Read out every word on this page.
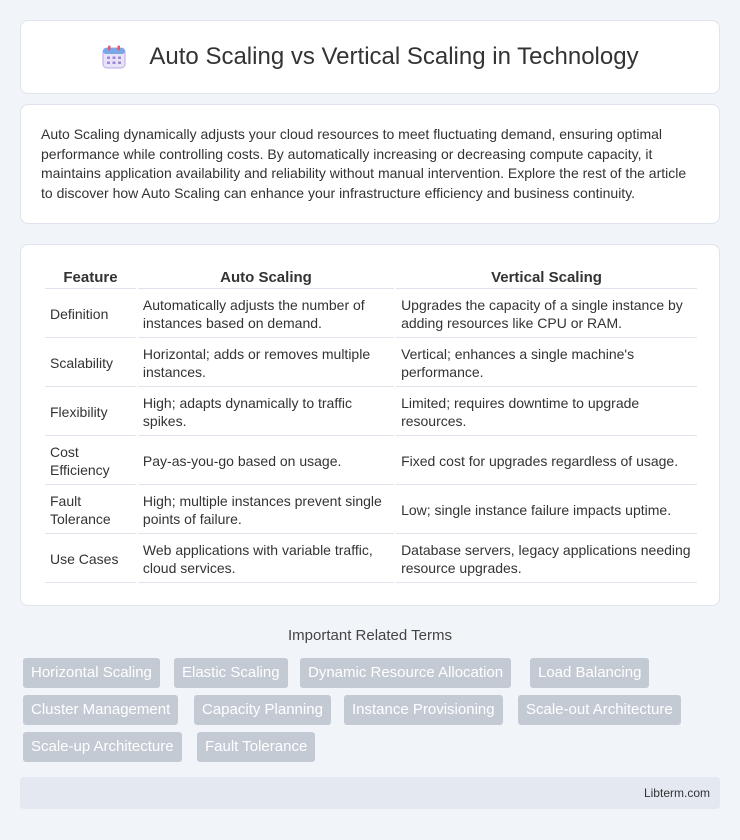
Auto Scaling vs Vertical Scaling in Technology

Auto Scaling dynamically adjusts your cloud resources to meet fluctuating demand, ensuring optimal performance while controlling costs. By automatically increasing or decreasing compute capacity, it maintains application availability and reliability without manual intervention. Explore the rest of the article to discover how Auto Scaling can enhance your infrastructure efficiency and business continuity.

Feature	Auto Scaling	Vertical Scaling
Definition	Automatically adjusts the number of instances based on demand.	Upgrades the capacity of a single instance by adding resources like CPU or RAM.
Scalability	Horizontal; adds or removes multiple instances.	Vertical; enhances a single machine's performance.
Flexibility	High; adapts dynamically to traffic spikes.	Limited; requires downtime to upgrade resources.
Cost Efficiency	Pay-as-you-go based on usage.	Fixed cost for upgrades regardless of usage.
Fault Tolerance	High; multiple instances prevent single points of failure.	Low; single instance failure impacts uptime.
Use Cases	Web applications with variable traffic, cloud services.	Database servers, legacy applications needing resource upgrades.
Important Related Terms
Horizontal Scaling	Elastic Scaling	Dynamic Resource Allocation	Load Balancing
Cluster Management	Capacity Planning	Instance Provisioning	Scale-out Architecture
Scale-up Architecture	Fault Tolerance
Libterm.com
